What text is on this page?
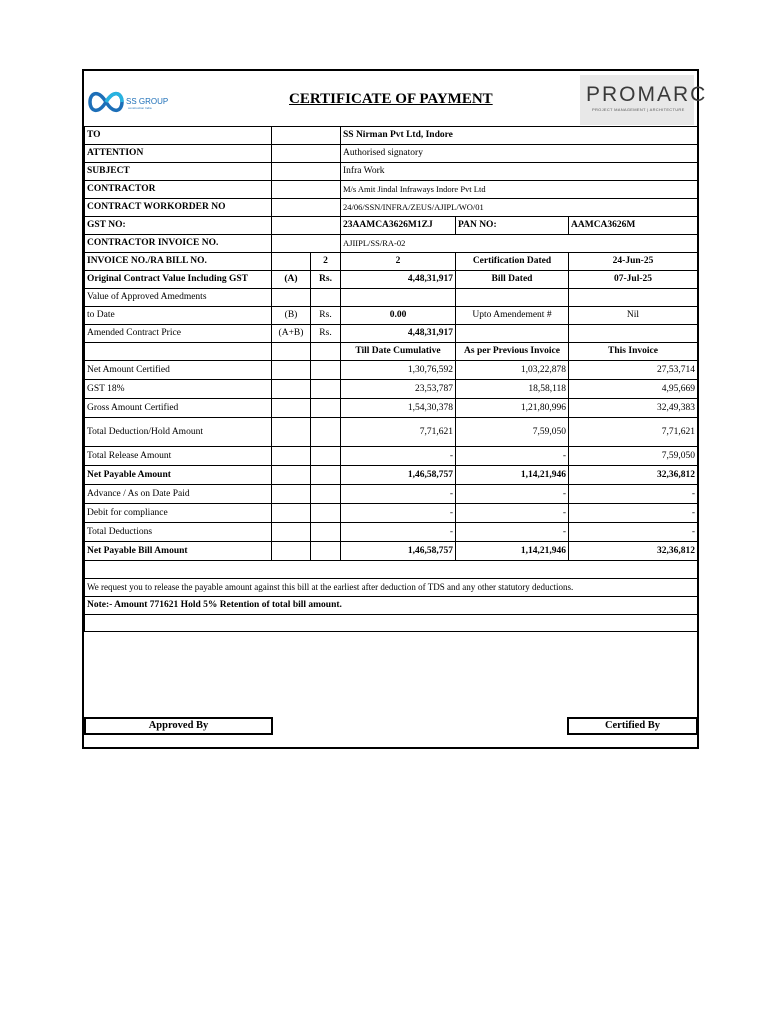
SS GROUP
construction India
CERTIFICATE OF PAYMENT	PROMARC
PROJECT MANAGEMENT | ARCHITECTURE
TO			SS Nirman Pvt Ltd, Indore		
ATTENTION			Authorised signatory		
SUBJECT			Infra Work		
CONTRACTOR			M/s Amit Jindal Infraways Indore Pvt Ltd		
CONTRACT WORKORDER NO			24/06/SSN/INFRA/ZEUS/AJIPL/WO/01		
GST NO:			23AAMCA3626M1ZJ	PAN NO:	AAMCA3626M
CONTRACTOR INVOICE NO.			AJIIPL/SS/RA-02		
INVOICE NO./RA BILL NO.		2	2	Certification Dated	24-Jun-25
Original Contract Value Including GST	(A)	Rs.	4,48,31,917	Bill Dated	07-Jul-25
Value of Approved Amedments					
to Date	(B)	Rs.	0.00	Upto Amendement #	Nil
Amended Contract Price	(A+B)	Rs.	4,48,31,917		
			Till Date Cumulative	As per Previous Invoice	This Invoice
Net Amount Certified			1,30,76,592	1,03,22,878	27,53,714
GST 18%			23,53,787	18,58,118	4,95,669
Gross Amount Certified			1,54,30,378	1,21,80,996	32,49,383
Total Deduction/Hold Amount			7,71,621	7,59,050	7,71,621
Total Release Amount			-	-	7,59,050
Net Payable Amount			1,46,58,757	1,14,21,946	32,36,812
Advance / As on Date Paid			-	-	-
Debit for compliance			-	-	-
Total Deductions			-	-	-
Net Payable Bill Amount			1,46,58,757	1,14,21,946	32,36,812

We request you to release the payable amount against this bill at the earliest after deduction of TDS and any other statutory deductions.					
Note:- Amount 771621 Hold 5% Retention of total bill amount.					

Approved By	Certified By
